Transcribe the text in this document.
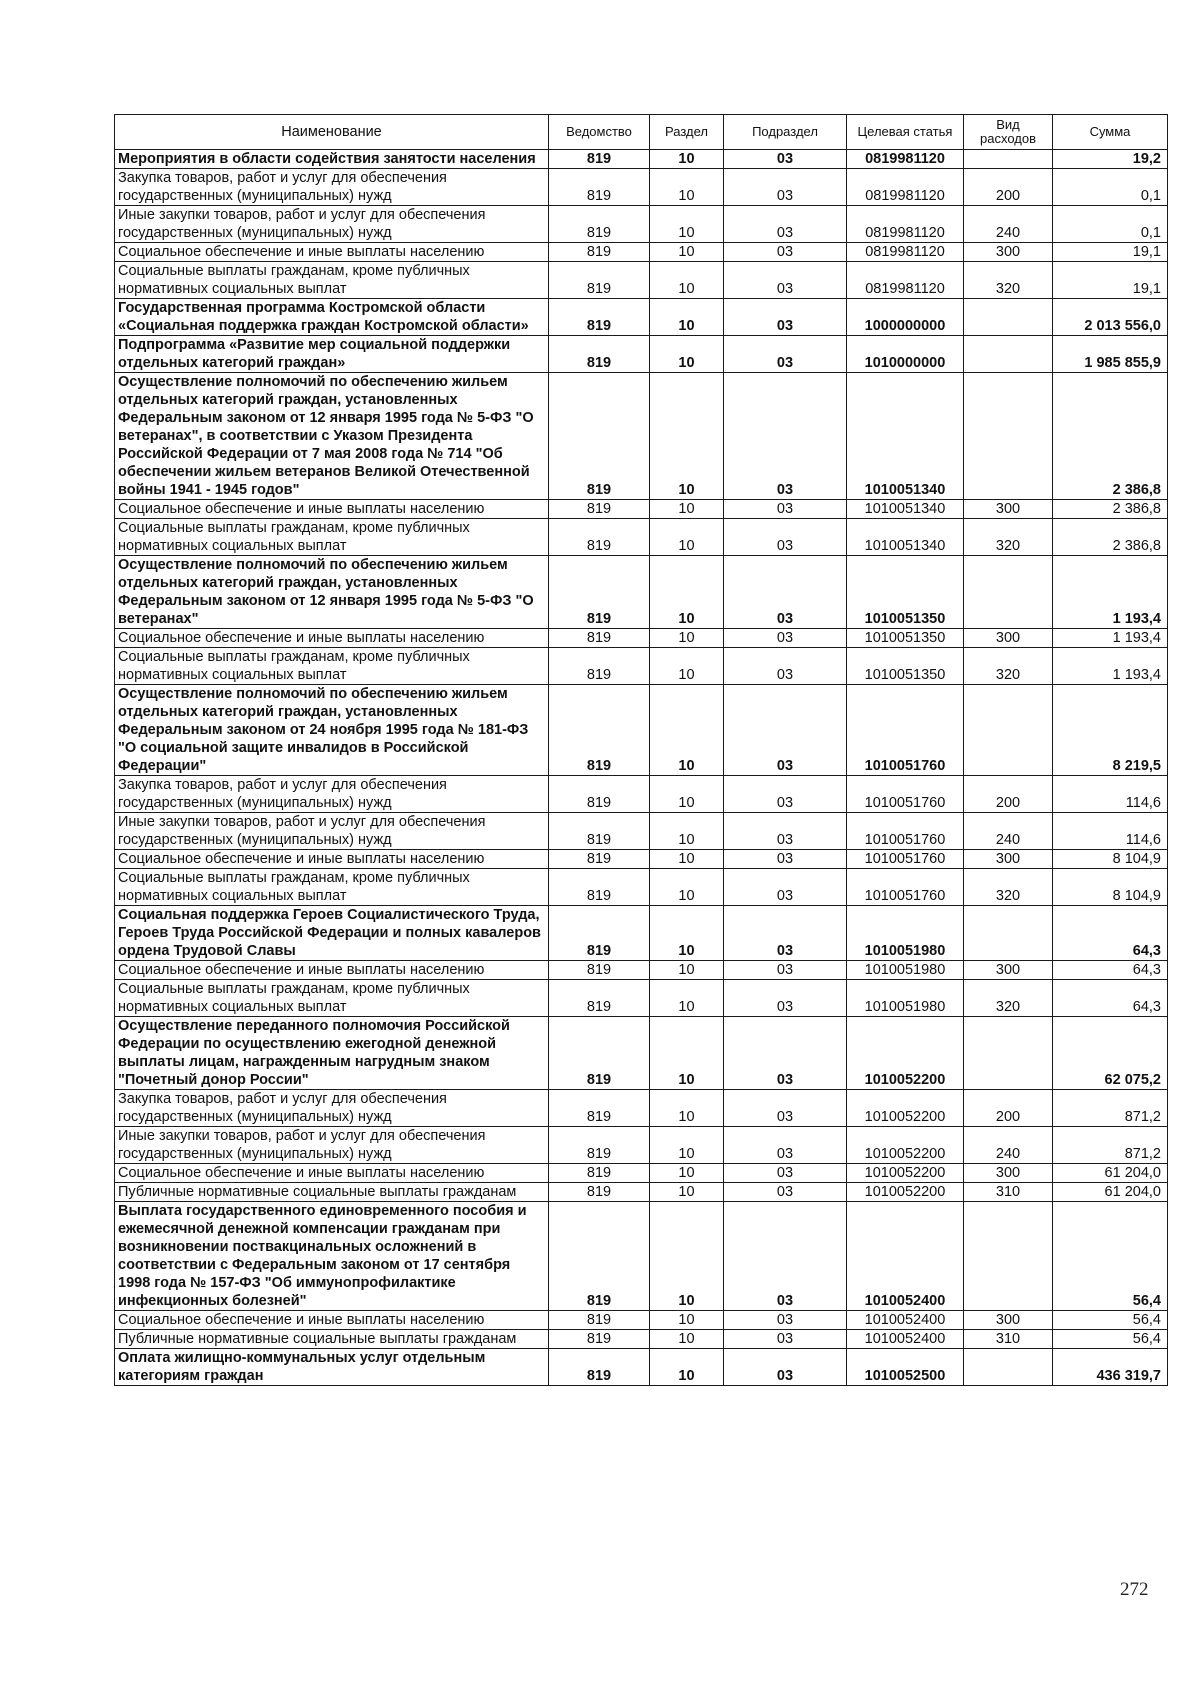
Наименование	Ведомство	Раздел	Подраздел	Целевая статья	Вид расходов	Сумма
Мероприятия в области содействия занятости населения	819	10	03	0819981120		19,2
Закупка товаров, работ и услуг для обеспечения государственных (муниципальных) нужд	819	10	03	0819981120	200	0,1
Иные закупки товаров, работ и услуг для обеспечения государственных (муниципальных) нужд	819	10	03	0819981120	240	0,1
Социальное обеспечение и иные выплаты населению	819	10	03	0819981120	300	19,1
Социальные выплаты гражданам, кроме публичных нормативных социальных выплат	819	10	03	0819981120	320	19,1
Государственная программа Костромской области «Социальная поддержка граждан Костромской области»	819	10	03	1000000000		2 013 556,0
Подпрограмма «Развитие мер социальной поддержки отдельных категорий граждан»	819	10	03	1010000000		1 985 855,9
Осуществление полномочий по обеспечению жильем отдельных категорий граждан, установленных Федеральным законом от 12 января 1995 года № 5-ФЗ "О ветеранах", в соответствии с Указом Президента Российской Федерации от 7 мая 2008 года № 714 "Об обеспечении жильем ветеранов Великой Отечественной войны 1941 - 1945 годов"	819	10	03	1010051340		2 386,8
Социальное обеспечение и иные выплаты населению	819	10	03	1010051340	300	2 386,8
Социальные выплаты гражданам, кроме публичных нормативных социальных выплат	819	10	03	1010051340	320	2 386,8
Осуществление полномочий по обеспечению жильем отдельных категорий граждан, установленных Федеральным законом от 12 января 1995 года № 5-ФЗ "О ветеранах"	819	10	03	1010051350		1 193,4
Социальное обеспечение и иные выплаты населению	819	10	03	1010051350	300	1 193,4
Социальные выплаты гражданам, кроме публичных нормативных социальных выплат	819	10	03	1010051350	320	1 193,4
Осуществление полномочий по обеспечению жильем отдельных категорий граждан, установленных Федеральным законом от 24 ноября 1995 года № 181-ФЗ "О социальной защите инвалидов в Российской Федерации"	819	10	03	1010051760		8 219,5
Закупка товаров, работ и услуг для обеспечения государственных (муниципальных) нужд	819	10	03	1010051760	200	114,6
Иные закупки товаров, работ и услуг для обеспечения государственных (муниципальных) нужд	819	10	03	1010051760	240	114,6
Социальное обеспечение и иные выплаты населению	819	10	03	1010051760	300	8 104,9
Социальные выплаты гражданам, кроме публичных нормативных социальных выплат	819	10	03	1010051760	320	8 104,9
Социальная поддержка Героев Социалистического Труда, Героев Труда Российской Федерации и полных кавалеров ордена Трудовой Славы	819	10	03	1010051980		64,3
Социальное обеспечение и иные выплаты населению	819	10	03	1010051980	300	64,3
Социальные выплаты гражданам, кроме публичных нормативных социальных выплат	819	10	03	1010051980	320	64,3
Осуществление переданного полномочия Российской Федерации по осуществлению ежегодной денежной выплаты лицам, награжденным нагрудным знаком "Почетный донор России"	819	10	03	1010052200		62 075,2
Закупка товаров, работ и услуг для обеспечения государственных (муниципальных) нужд	819	10	03	1010052200	200	871,2
Иные закупки товаров, работ и услуг для обеспечения государственных (муниципальных) нужд	819	10	03	1010052200	240	871,2
Социальное обеспечение и иные выплаты населению	819	10	03	1010052200	300	61 204,0
Публичные нормативные социальные выплаты гражданам	819	10	03	1010052200	310	61 204,0
Выплата государственного единовременного пособия и ежемесячной денежной компенсации гражданам при возникновении поствакцинальных осложнений в соответствии с Федеральным законом от 17 сентября 1998 года № 157-ФЗ "Об иммунопрофилактике инфекционных болезней"	819	10	03	1010052400		56,4
Социальное обеспечение и иные выплаты населению	819	10	03	1010052400	300	56,4
Публичные нормативные социальные выплаты гражданам	819	10	03	1010052400	310	56,4
Оплата жилищно-коммунальных услуг отдельным категориям граждан	819	10	03	1010052500		436 319,7
272
